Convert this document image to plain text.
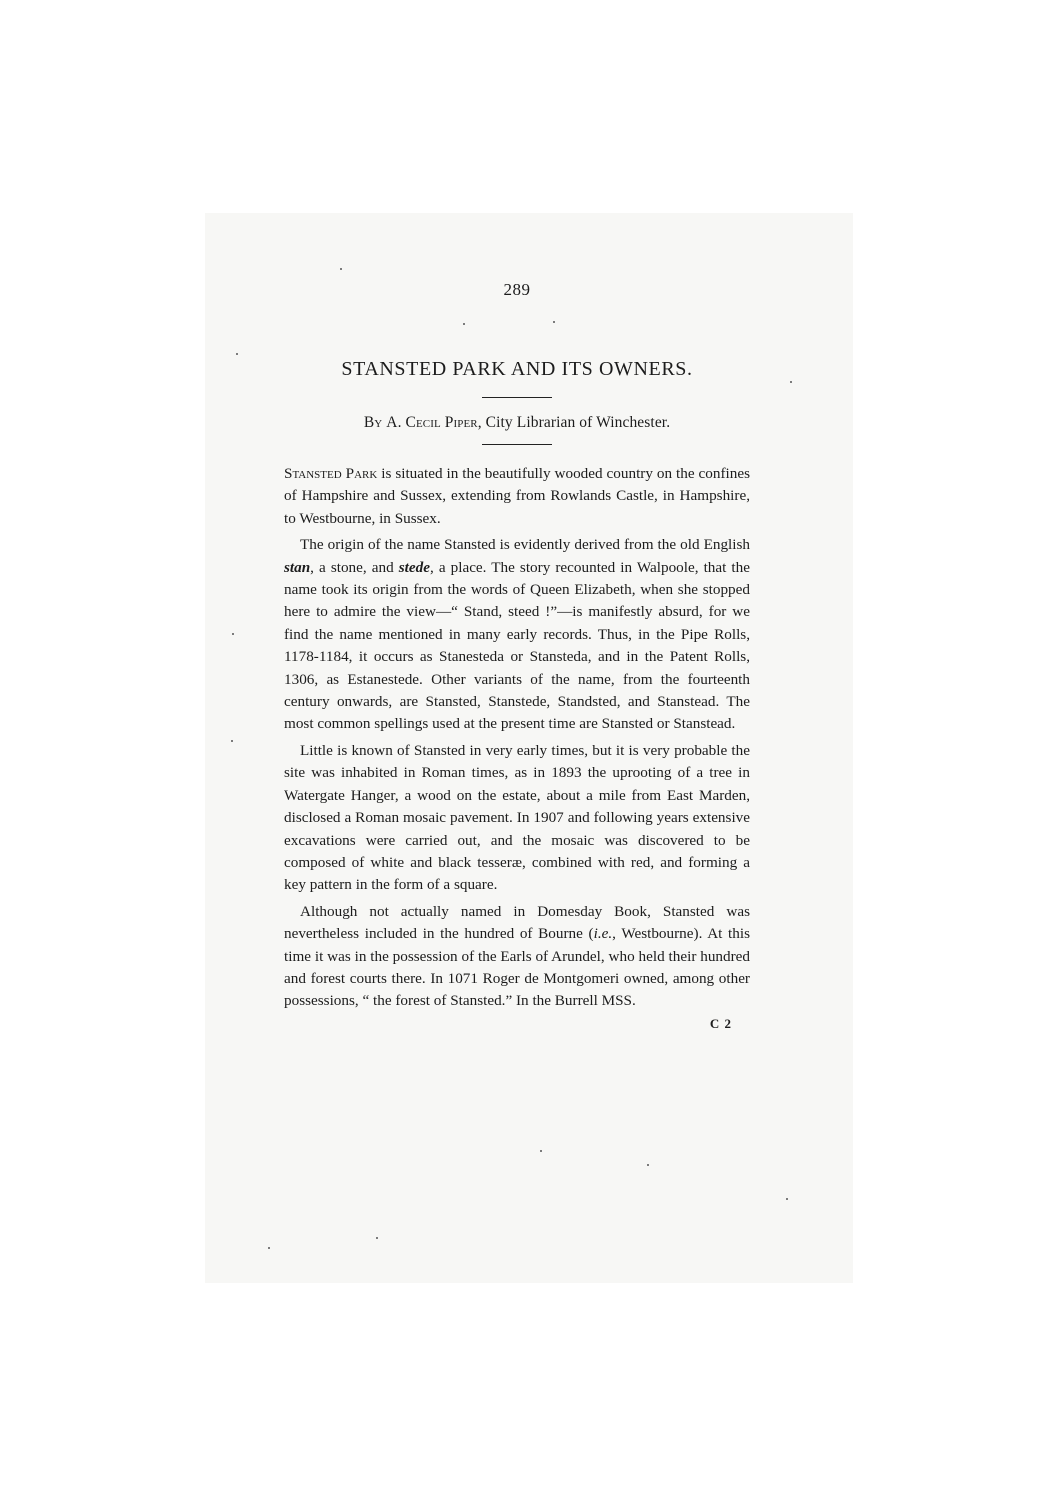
289
STANSTED PARK AND ITS OWNERS.
By A. Cecil Piper, City Librarian of Winchester.

Stansted Park is situated in the beautifully wooded country on the confines of Hampshire and Sussex, extending from Rowlands Castle, in Hampshire, to Westbourne, in Sussex.

The origin of the name Stansted is evidently derived from the old English stan, a stone, and stede, a place. The story recounted in Walpoole, that the name took its origin from the words of Queen Elizabeth, when she stopped here to admire the view—“ Stand, steed !”—is manifestly absurd, for we find the name mentioned in many early records. Thus, in the Pipe Rolls, 1178-1184, it occurs as Stanesteda or Stansteda, and in the Patent Rolls, 1306, as Estanestede. Other variants of the name, from the fourteenth century onwards, are Stansted, Stanstede, Standsted, and Stanstead. The most common spellings used at the present time are Stansted or Stanstead.

Little is known of Stansted in very early times, but it is very probable the site was inhabited in Roman times, as in 1893 the uprooting of a tree in Watergate Hanger, a wood on the estate, about a mile from East Marden, disclosed a Roman mosaic pavement. In 1907 and following years extensive excavations were carried out, and the mosaic was discovered to be composed of white and black tesseræ, combined with red, and forming a key pattern in the form of a square.

Although not actually named in Domesday Book, Stansted was nevertheless included in the hundred of Bourne (i.e., Westbourne). At this time it was in the possession of the Earls of Arundel, who held their hundred and forest courts there. In 1071 Roger de Montgomeri owned, among other possessions, “ the forest of Stansted.” In the Burrell MSS.

C 2
